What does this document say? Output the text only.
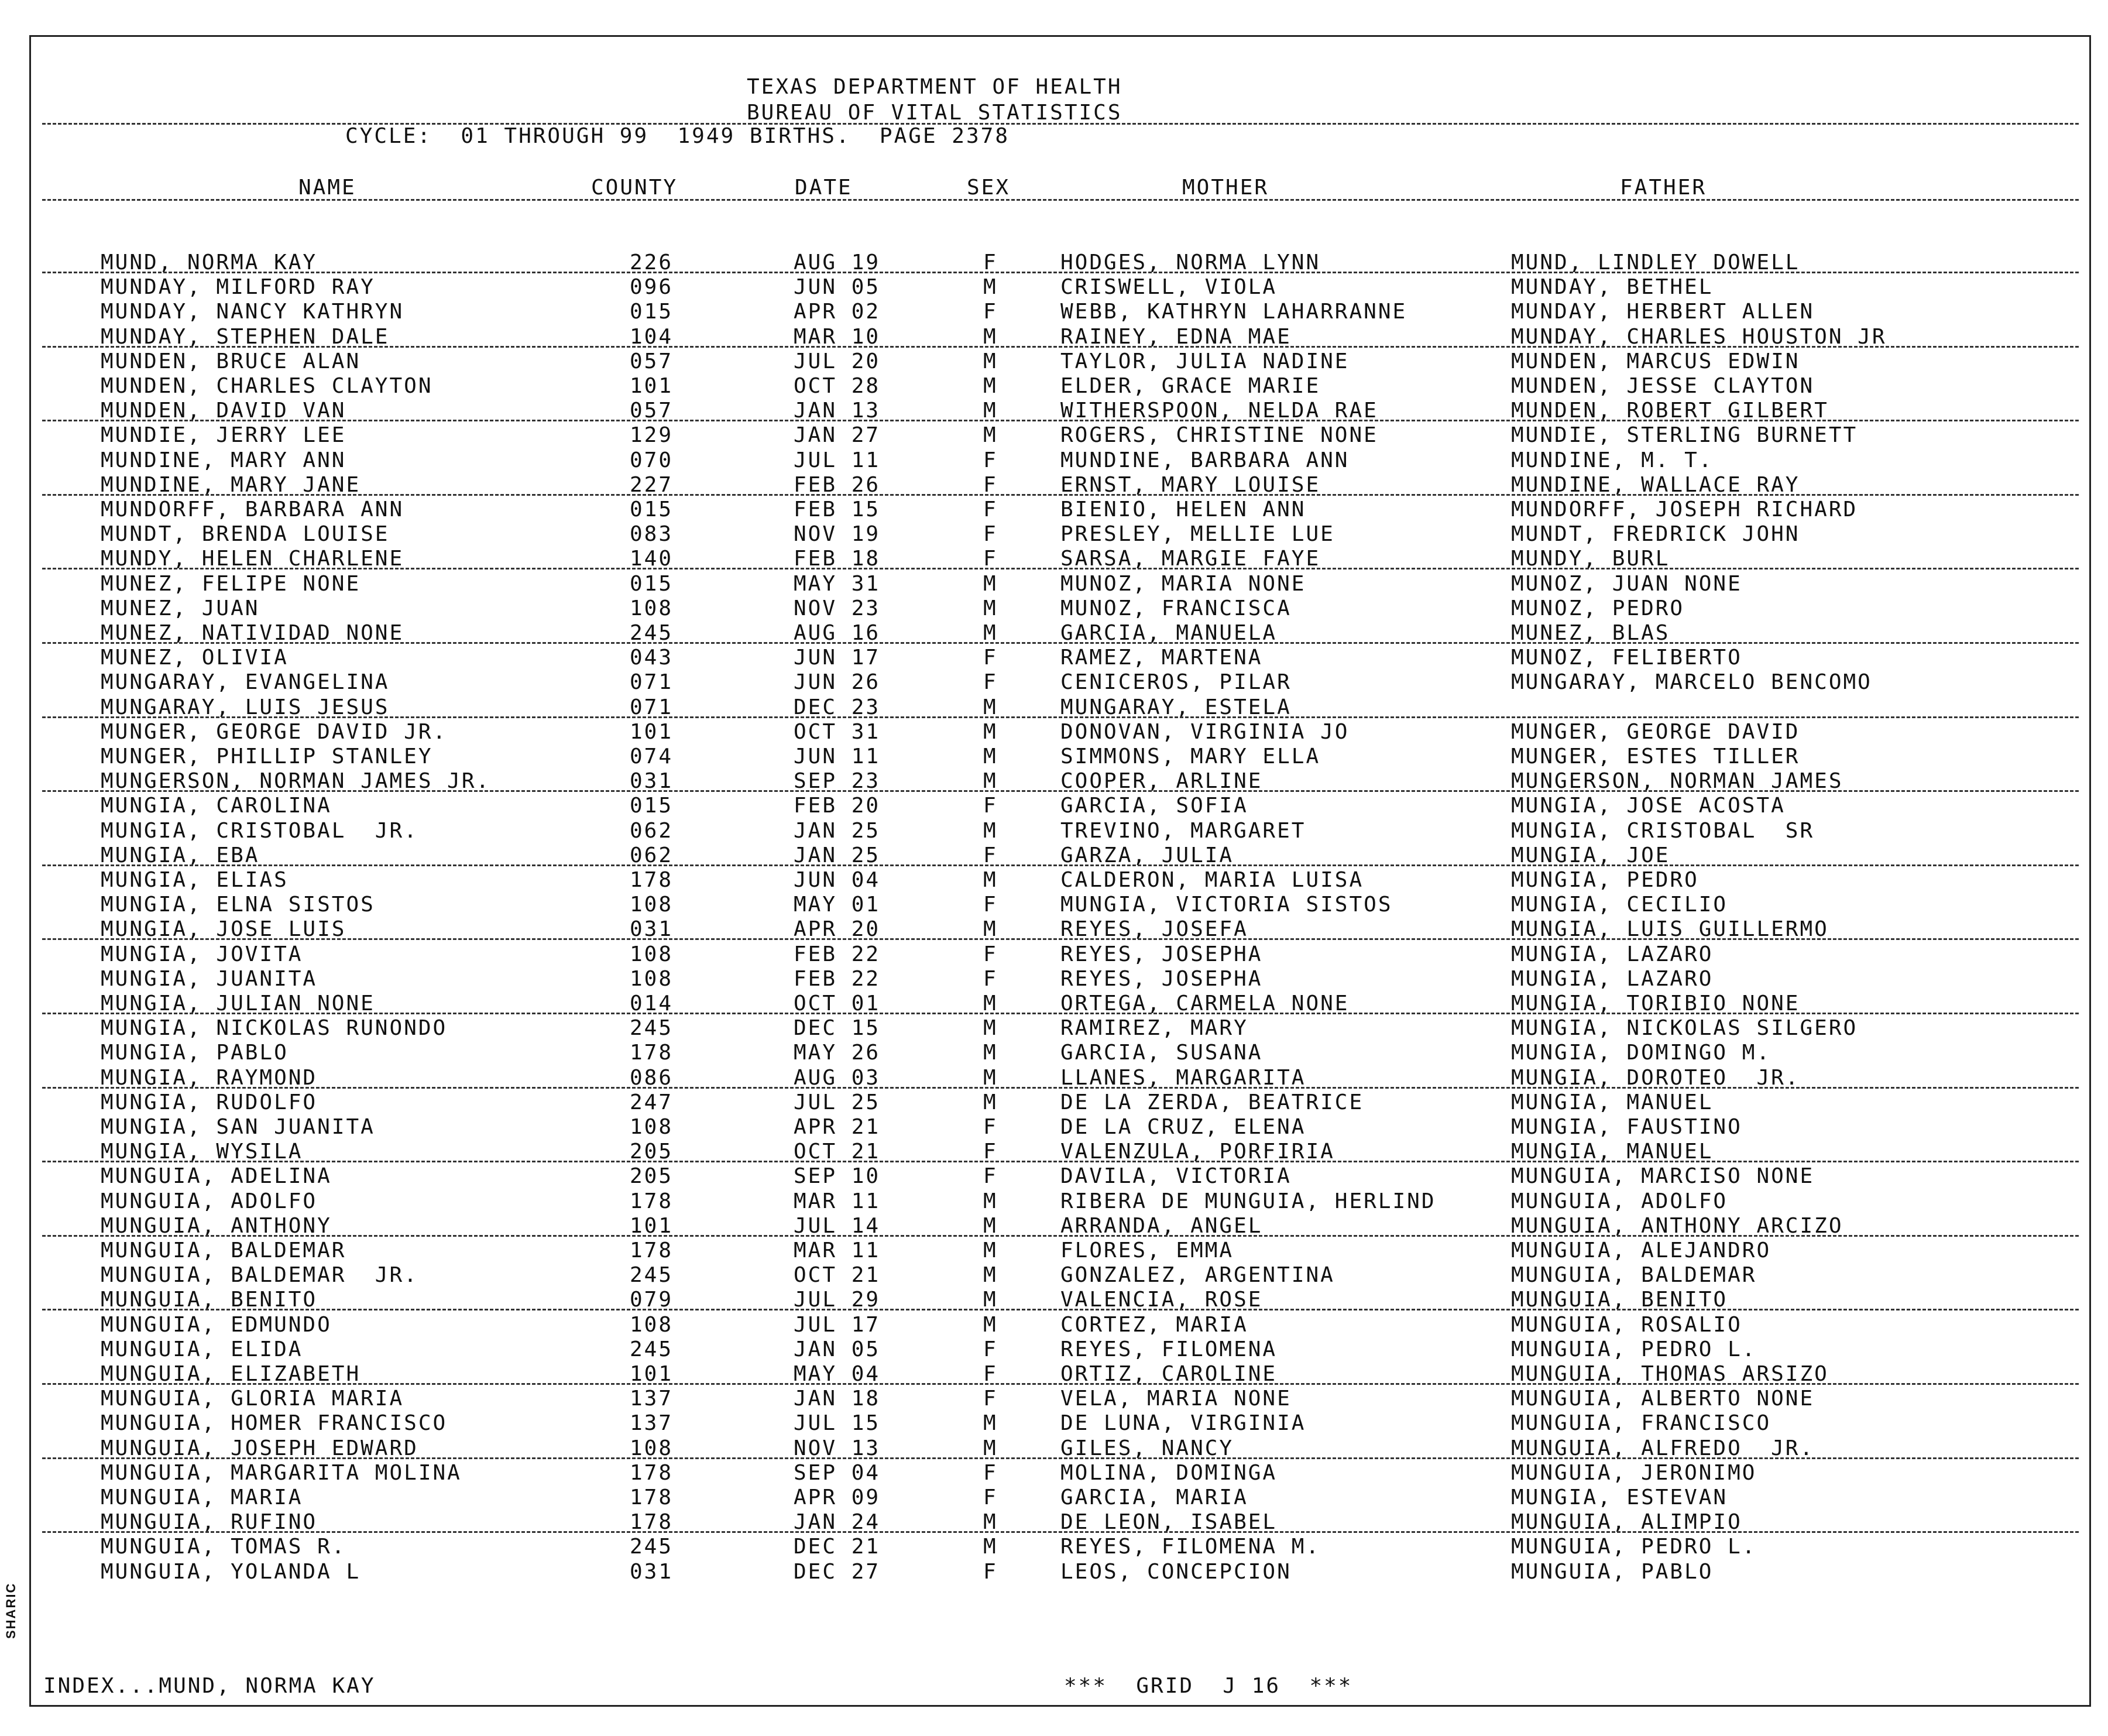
TEXAS DEPARTMENT OF HEALTH
BUREAU OF VITAL STATISTICS
CYCLE:  01 THROUGH 99  1949 BIRTHS.  PAGE 2378
NAME	COUNTY	DATE	SEX	MOTHER	FATHER
MUND, NORMA KAY	226	AUG 19	F	HODGES, NORMA LYNN	MUND, LINDLEY DOWELL
MUNDAY, MILFORD RAY	096	JUN 05	M	CRISWELL, VIOLA	MUNDAY, BETHEL
MUNDAY, NANCY KATHRYN	015	APR 02	F	WEBB, KATHRYN LAHARRANNE	MUNDAY, HERBERT ALLEN
MUNDAY, STEPHEN DALE	104	MAR 10	M	RAINEY, EDNA MAE	MUNDAY, CHARLES HOUSTON JR
MUNDEN, BRUCE ALAN	057	JUL 20	M	TAYLOR, JULIA NADINE	MUNDEN, MARCUS EDWIN
MUNDEN, CHARLES CLAYTON	101	OCT 28	M	ELDER, GRACE MARIE	MUNDEN, JESSE CLAYTON
MUNDEN, DAVID VAN	057	JAN 13	M	WITHERSPOON, NELDA RAE	MUNDEN, ROBERT GILBERT
MUNDIE, JERRY LEE	129	JAN 27	M	ROGERS, CHRISTINE NONE	MUNDIE, STERLING BURNETT
MUNDINE, MARY ANN	070	JUL 11	F	MUNDINE, BARBARA ANN	MUNDINE, M. T.
MUNDINE, MARY JANE	227	FEB 26	F	ERNST, MARY LOUISE	MUNDINE, WALLACE RAY
MUNDORFF, BARBARA ANN	015	FEB 15	F	BIENIO, HELEN ANN	MUNDORFF, JOSEPH RICHARD
MUNDT, BRENDA LOUISE	083	NOV 19	F	PRESLEY, MELLIE LUE	MUNDT, FREDRICK JOHN
MUNDY, HELEN CHARLENE	140	FEB 18	F	SARSA, MARGIE FAYE	MUNDY, BURL
MUNEZ, FELIPE NONE	015	MAY 31	M	MUNOZ, MARIA NONE	MUNOZ, JUAN NONE
MUNEZ, JUAN	108	NOV 23	M	MUNOZ, FRANCISCA	MUNOZ, PEDRO
MUNEZ, NATIVIDAD NONE	245	AUG 16	M	GARCIA, MANUELA	MUNEZ, BLAS
MUNEZ, OLIVIA	043	JUN 17	F	RAMEZ, MARTENA	MUNOZ, FELIBERTO
MUNGARAY, EVANGELINA	071	JUN 26	F	CENICEROS, PILAR	MUNGARAY, MARCELO BENCOMO
MUNGARAY, LUIS JESUS	071	DEC 23	M	MUNGARAY, ESTELA
MUNGER, GEORGE DAVID JR.	101	OCT 31	M	DONOVAN, VIRGINIA JO	MUNGER, GEORGE DAVID
MUNGER, PHILLIP STANLEY	074	JUN 11	M	SIMMONS, MARY ELLA	MUNGER, ESTES TILLER
MUNGERSON, NORMAN JAMES JR.	031	SEP 23	M	COOPER, ARLINE	MUNGERSON, NORMAN JAMES
MUNGIA, CAROLINA	015	FEB 20	F	GARCIA, SOFIA	MUNGIA, JOSE ACOSTA
MUNGIA, CRISTOBAL  JR.	062	JAN 25	M	TREVINO, MARGARET	MUNGIA, CRISTOBAL  SR
MUNGIA, EBA	062	JAN 25	F	GARZA, JULIA	MUNGIA, JOE
MUNGIA, ELIAS	178	JUN 04	M	CALDERON, MARIA LUISA	MUNGIA, PEDRO
MUNGIA, ELNA SISTOS	108	MAY 01	F	MUNGIA, VICTORIA SISTOS	MUNGIA, CECILIO
MUNGIA, JOSE LUIS	031	APR 20	M	REYES, JOSEFA	MUNGIA, LUIS GUILLERMO
MUNGIA, JOVITA	108	FEB 22	F	REYES, JOSEPHA	MUNGIA, LAZARO
MUNGIA, JUANITA	108	FEB 22	F	REYES, JOSEPHA	MUNGIA, LAZARO
MUNGIA, JULIAN NONE	014	OCT 01	M	ORTEGA, CARMELA NONE	MUNGIA, TORIBIO NONE
MUNGIA, NICKOLAS RUNONDO	245	DEC 15	M	RAMIREZ, MARY	MUNGIA, NICKOLAS SILGERO
MUNGIA, PABLO	178	MAY 26	M	GARCIA, SUSANA	MUNGIA, DOMINGO M.
MUNGIA, RAYMOND	086	AUG 03	M	LLANES, MARGARITA	MUNGIA, DOROTEO  JR.
MUNGIA, RUDOLFO	247	JUL 25	M	DE LA ZERDA, BEATRICE	MUNGIA, MANUEL
MUNGIA, SAN JUANITA	108	APR 21	F	DE LA CRUZ, ELENA	MUNGIA, FAUSTINO
MUNGIA, WYSILA	205	OCT 21	F	VALENZULA, PORFIRIA	MUNGIA, MANUEL
MUNGUIA, ADELINA	205	SEP 10	F	DAVILA, VICTORIA	MUNGUIA, MARCISO NONE
MUNGUIA, ADOLFO	178	MAR 11	M	RIBERA DE MUNGUIA, HERLIND	MUNGUIA, ADOLFO
MUNGUIA, ANTHONY	101	JUL 14	M	ARRANDA, ANGEL	MUNGUIA, ANTHONY ARCIZO
MUNGUIA, BALDEMAR	178	MAR 11	M	FLORES, EMMA	MUNGUIA, ALEJANDRO
MUNGUIA, BALDEMAR  JR.	245	OCT 21	M	GONZALEZ, ARGENTINA	MUNGUIA, BALDEMAR
MUNGUIA, BENITO	079	JUL 29	M	VALENCIA, ROSE	MUNGUIA, BENITO
MUNGUIA, EDMUNDO	108	JUL 17	M	CORTEZ, MARIA	MUNGUIA, ROSALIO
MUNGUIA, ELIDA	245	JAN 05	F	REYES, FILOMENA	MUNGUIA, PEDRO L.
MUNGUIA, ELIZABETH	101	MAY 04	F	ORTIZ, CAROLINE	MUNGUIA, THOMAS ARSIZO
MUNGUIA, GLORIA MARIA	137	JAN 18	F	VELA, MARIA NONE	MUNGUIA, ALBERTO NONE
MUNGUIA, HOMER FRANCISCO	137	JUL 15	M	DE LUNA, VIRGINIA	MUNGUIA, FRANCISCO
MUNGUIA, JOSEPH EDWARD	108	NOV 13	M	GILES, NANCY	MUNGUIA, ALFREDO  JR.
MUNGUIA, MARGARITA MOLINA	178	SEP 04	F	MOLINA, DOMINGA	MUNGUIA, JERONIMO
MUNGUIA, MARIA	178	APR 09	F	GARCIA, MARIA	MUNGIA, ESTEVAN
MUNGUIA, RUFINO	178	JAN 24	M	DE LEON, ISABEL	MUNGUIA, ALIMPIO
MUNGUIA, TOMAS R.	245	DEC 21	M	REYES, FILOMENA M.	MUNGUIA, PEDRO L.
MUNGUIA, YOLANDA L	031	DEC 27	F	LEOS, CONCEPCION	MUNGUIA, PABLO
INDEX...MUND, NORMA KAY	***  GRID  J 16  ***
SHARIC
